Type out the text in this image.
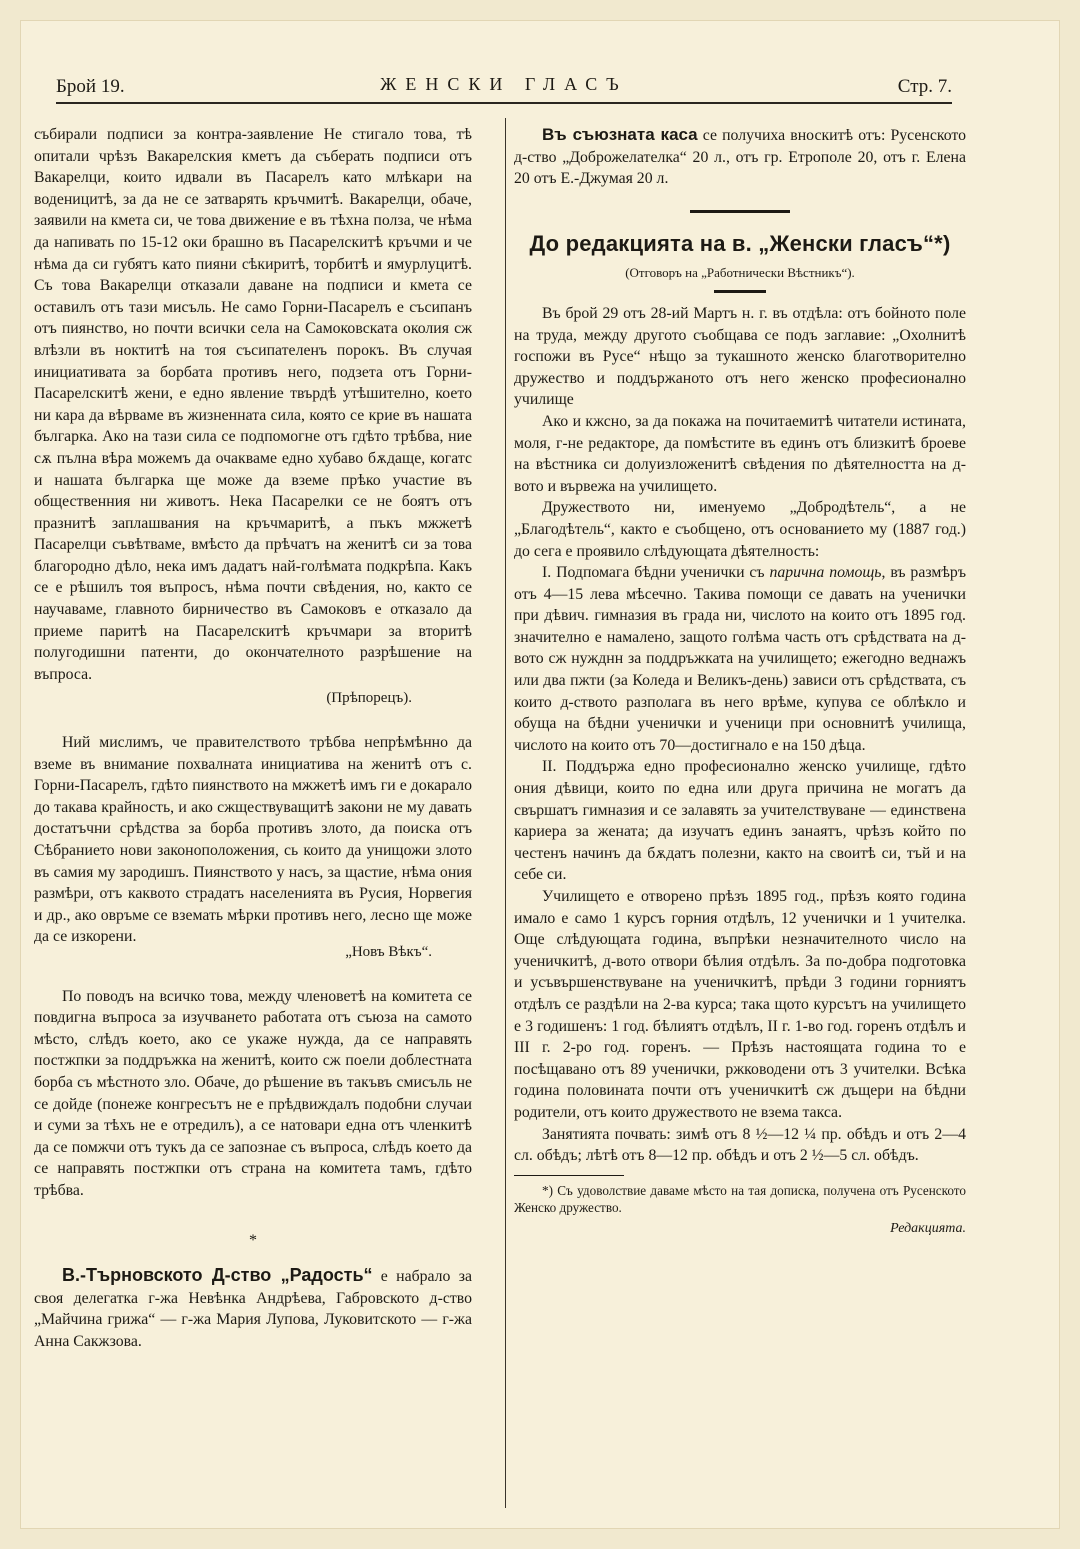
Брой 19.	ЖЕНСКИ ГЛАСЪ	Стр. 7.

събирали подписи за контра-заявление Не стигало това, тѣ опитали чрѣзъ Вакарелския кметъ да съберать подписи отъ Вакарелци, които идвали въ Пасарелъ като млѣкари на воденицитѣ, за да не се затварять кръчмитѣ. Вакарелци, обаче, заявили на кмета си, че това движение е въ тѣхна полза, че нѣма да напивать по 15-12 оки брашно въ Пасарелскитѣ кръчми и че нѣма да си губятъ като пияни сѣкиритѣ, торбитѣ и ямурлуцитѣ. Съ това Вакарелци отказали даване на подписи и кмета се оставилъ отъ тази мисъль. Не само Горни-Пасарелъ е съсипанъ отъ пиянство, но почти всички села на Самоковската околия сж влѣзли въ ноктитѣ на тоя съсипателенъ порокъ. Въ случая инициативата за борбата противъ него, подзета отъ Горни-Пасарелскитѣ жени, е едно явление твърдѣ утѣшително, което ни кара да вѣрваме въ жизненната сила, която се крие въ нашата българка. Ако на тази сила се подпомогне отъ гдѣто трѣбва, ние сѫ пълна вѣра можемъ да очакваме едно хубаво бѫдаще, когатс и нашата българка ще може да вземе прѣко участие въ общественния ни животъ. Нека Пасарелки се не боятъ отъ празнитѣ заплашвания на кръчмаритѣ, а пъкъ мжжетѣ Пасарелци съвѣтваме, вмѣсто да прѣчатъ на женитѣ си за това благородно дѣло, нека имъ дадатъ най-голѣмата подкрѣпа. Какъ се е рѣшилъ тоя въпросъ, нѣма почти свѣдения, но, както се научаваме, главното бирничество въ Самоковъ е отказало да приеме паритѣ на Пасарелскитѣ кръчмари за вторитѣ полугодишни патенти, до окончателното разрѣшение на въпроса.

(Прѣпорецъ).

Ний мислимъ, че правителството трѣбва непрѣмѣнно да вземе въ внимание похвалната инициатива на женитѣ отъ с. Горни-Пасарелъ, гдѣто пиянството на мжжетѣ имъ ги е докарало до такава крайность, и ако сжществуващитѣ закони не му давать достатъчни срѣдства за борба противъ злото, да поиска отъ Сѣбранието нови законоположения, сь които да унищожи злото въ самия му зародишъ. Пиянството у насъ, за щастие, нѣма ония размѣри, отъ каквото страдатъ населенията въ Русия, Норвегия и др., ако овръме се вземать мѣрки противъ него, лесно ще може да се изкорени.

„Новъ Вѣкъ“.

По поводъ на всичко това, между членоветѣ на комитета се повдигна въпроса за изучването работата отъ съюза на самото мѣсто, слѣдъ което, ако се укаже нужда, да се направять постжпки за поддръжка на женитѣ, които сж поели доблестната борба съ мѣстното зло. Обаче, до рѣшение въ такъвъ смисъль не се дойде (понеже конгресътъ не е прѣдвиждалъ подобни случаи и суми за тѣхъ не е отредилъ), а се натовари една отъ членкитѣ да се помжчи отъ тукъ да се запознае съ въпроса, слѣдъ което да се направять постжпки отъ страна на комитета тамъ, гдѣто трѣбва.

*

В.-Търновското Д-ство „Радость“ е набрало за своя делегатка г-жа Невѣнка Андрѣева, Габровското д-ство „Майчина грижа“ — г-жа Мария Лупова, Луковитското — г-жа Анна Сакжзова.

Въ съюзната каса се получиха вноскитѣ отъ: Русенското д-ство „Доброжелателка“ 20 л., отъ гр. Етрополе 20, отъ г. Елена 20 отъ Е.-Джумая 20 л.

До редакцията на в. „Женски гласъ“*)
(Отговоръ на „Работнически Вѣстникъ“).

Въ брой 29 отъ 28-ий Мартъ н. г. въ отдѣла: отъ бойното поле на труда, между другото съобщава се подъ заглавие: „Охолнитѣ госпожи въ Русе“ нѣщо за тукашното женско благотворително дружество и поддържаното отъ него женско професионално училище

Ако и кжсно, за да покажа на почитаемитѣ читатели истината, моля, г-не редакторе, да помѣстите въ единъ отъ близкитѣ брoеве на вѣстника си долуизложенитѣ свѣдения по дѣятелността на д-вото и вървежа на училището.

Дружеството ни, именуемо „Добродѣтель“, а не „Благодѣтель“, както е съобщено, отъ основанието му (1887 год.) до сега е проявило слѣдующата дѣятелность:

I. Подпомага бѣдни ученички съ парична помощь, въ размѣръ отъ 4—15 лева мѣсечно. Такива помощи се давать на ученички при дѣвич. гимназия въ града ни, числото на които отъ 1895 год. значително е намалено, защото голѣма часть отъ срѣдствата на д-вото сж нужднн за поддръжката на училището; ежегодно веднажъ или два пжти (за Коледа и Великъ-день) зависи отъ срѣдствата, съ които д-ството разполага въ него врѣме, купува се облѣкло и обуща на бѣдни ученички и ученици при основнитѣ училища, числото на които отъ 70—достигнало е на 150 дѣца.

II. Поддържа едно професионално женско училище, гдѣто ония дѣвици, които по една или друга причина не могатъ да свършатъ гимназия и се залавять за учителствуване — единствена кариера за жената; да изучатъ единъ занаятъ, чрѣзъ който по честенъ начинъ да бѫдатъ полезни, както на своитѣ си, тъй и на себе си.

Училището е отворено прѣзъ 1895 год., прѣзъ която година имало е само 1 курсъ горния отдѣлъ, 12 ученички и 1 учителка. Още слѣдующата година, въпрѣки незначителното число на ученичкитѣ, д-вото отвори бѣлия отдѣлъ. За по-добра подготовка и усъвършенствуване на ученичкитѣ, прѣди 3 години горниятъ отдѣлъ се раздѣли на 2-ва курса; така щото курсътъ на училището е 3 годишенъ: 1 год. бѣлиятъ отдѣлъ, II г. 1-во год. горенъ отдѣлъ и III г. 2-ро год. горенъ. — Прѣзъ настоящата година то е посѣщавано отъ 89 ученички, ржководени отъ 3 учителки. Всѣка година половината почти отъ ученичкитѣ сж дъщери на бѣдни родители, отъ които дружеството не взема такса.

Занятията почвать: зимѣ отъ 8 ½—12 ¼ пр. обѣдъ и отъ 2—4 сл. обѣдъ; лѣтѣ отъ 8—12 пр. обѣдъ и отъ 2 ½—5 сл. обѣдъ.

*) Съ удоволствие даваме мѣсто на тая дописка, получена отъ Русенското Женско дружество.

Редакцията.
